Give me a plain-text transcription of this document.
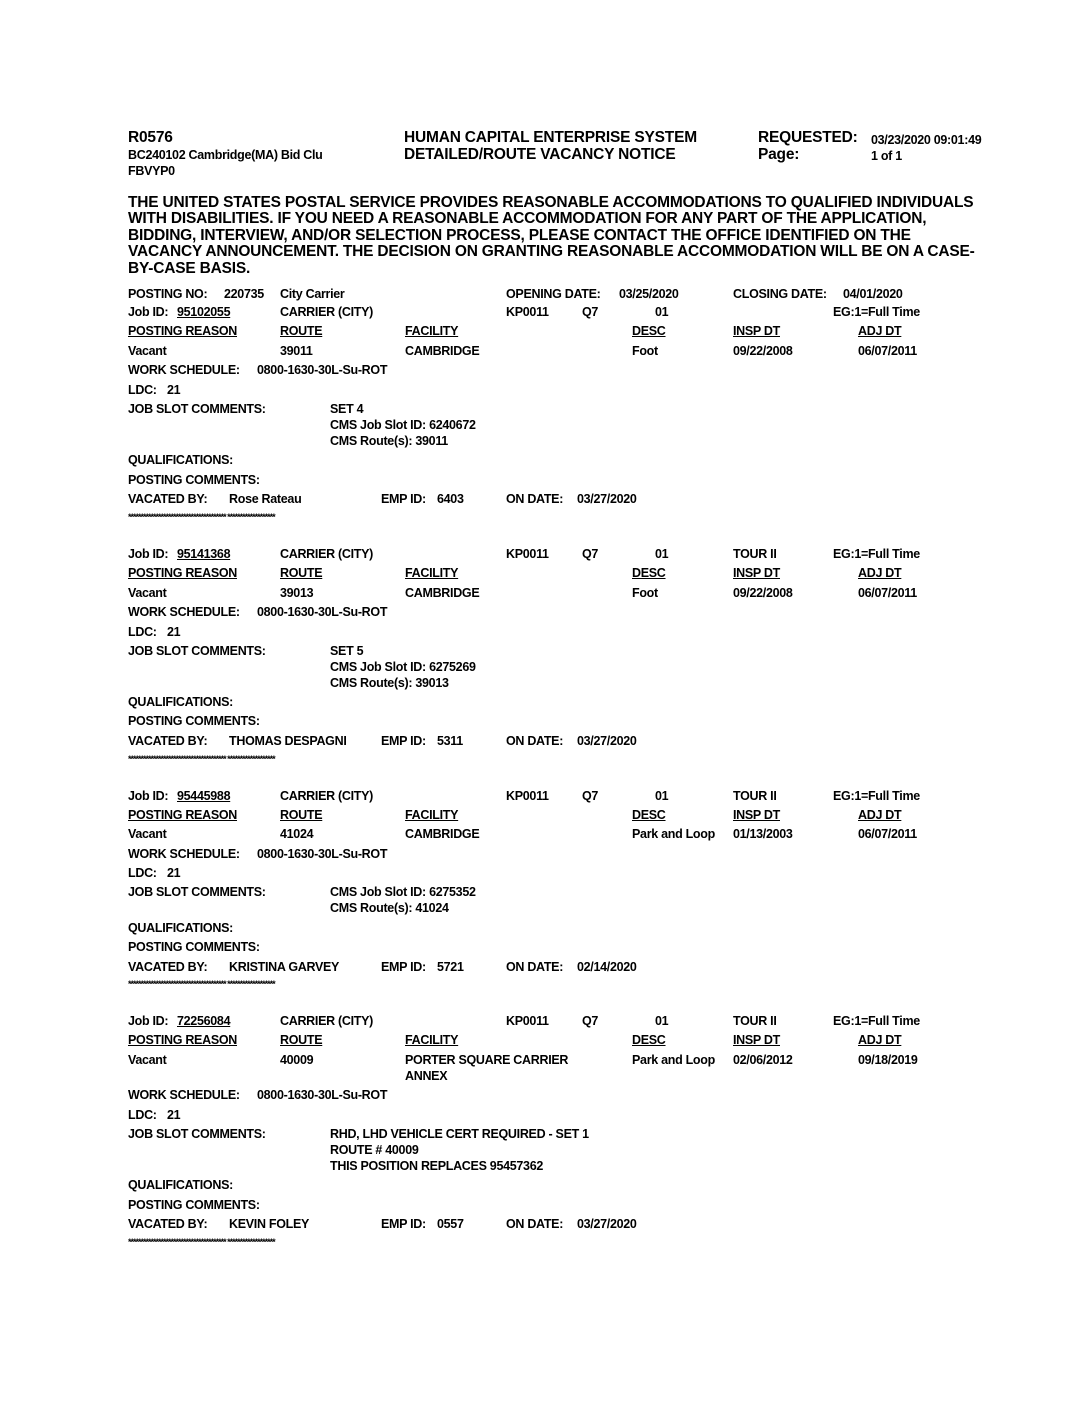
R0576
BC240102 Cambridge(MA) Bid Clu
FBVYP0
HUMAN CAPITAL ENTERPRISE SYSTEM
DETAILED/ROUTE VACANCY NOTICE
REQUESTED: 03/23/2020 09:01:49
Page:	1 of 1
THE UNITED STATES POSTAL SERVICE PROVIDES REASONABLE ACCOMMODATIONS TO QUALIFIED INDIVIDUALS WITH DISABILITIES. IF YOU NEED A REASONABLE ACCOMMODATION FOR ANY PART OF THE APPLICATION, BIDDING, INTERVIEW, AND/OR SELECTION PROCESS, PLEASE CONTACT THE OFFICE IDENTIFIED ON THE VACANCY ANNOUNCEMENT. THE DECISION ON GRANTING REASONABLE ACCOMMODATION WILL BE ON A CASE-BY-CASE BASIS.
POSTING NO: 220735 City Carrier	OPENING DATE: 03/25/2020	CLOSING DATE: 04/01/2020
Job ID: 95102055	CARRIER (CITY)	KP0011	Q7	01	EG:1=Full Time
POSTING REASON	ROUTE	FACILITY	DESC	INSP DT	ADJ DT
Vacant	39011	CAMBRIDGE	Foot	09/22/2008	06/07/2011
WORK SCHEDULE: 0800-1630-30L-Su-ROT
LDC: 21
JOB SLOT COMMENTS:	SET 4
CMS Job Slot ID: 6240672
CMS Route(s): 39011
QUALIFICATIONS:
POSTING COMMENTS:
VACATED BY: Rose Rateau	EMP ID: 6403	ON DATE: 03/27/2020
*************************************** *******************
Job ID: 95141368	CARRIER (CITY)	KP0011	Q7	01	TOUR II	EG:1=Full Time
POSTING REASON	ROUTE	FACILITY	DESC	INSP DT	ADJ DT
Vacant	39013	CAMBRIDGE	Foot	09/22/2008	06/07/2011
WORK SCHEDULE: 0800-1630-30L-Su-ROT
LDC: 21
JOB SLOT COMMENTS:	SET 5
CMS Job Slot ID: 6275269
CMS Route(s): 39013
QUALIFICATIONS:
POSTING COMMENTS:
VACATED BY: THOMAS DESPAGNI	EMP ID: 5311	ON DATE: 03/27/2020
*************************************** *******************
Job ID: 95445988	CARRIER (CITY)	KP0011	Q7	01	TOUR II	EG:1=Full Time
POSTING REASON	ROUTE	FACILITY	DESC	INSP DT	ADJ DT
Vacant	41024	CAMBRIDGE	Park and Loop 01/13/2003	06/07/2011
WORK SCHEDULE: 0800-1630-30L-Su-ROT
LDC: 21
JOB SLOT COMMENTS:	CMS Job Slot ID: 6275352
CMS Route(s): 41024
QUALIFICATIONS:
POSTING COMMENTS:
VACATED BY: KRISTINA GARVEY	EMP ID: 5721	ON DATE: 02/14/2020
*************************************** *******************
Job ID: 72256084	CARRIER (CITY)	KP0011	Q7	01	TOUR II	EG:1=Full Time
POSTING REASON	ROUTE	FACILITY	DESC	INSP DT	ADJ DT
Vacant	40009	PORTER SQUARE CARRIER
ANNEX
Park and Loop 02/06/2012	09/18/2019
WORK SCHEDULE: 0800-1630-30L-Su-ROT
LDC: 21
JOB SLOT COMMENTS:	RHD, LHD VEHICLE CERT REQUIRED - SET 1
ROUTE # 40009
THIS POSITION REPLACES 95457362
QUALIFICATIONS:
POSTING COMMENTS:
VACATED BY: KEVIN FOLEY	EMP ID: 0557	ON DATE: 03/27/2020
*************************************** *******************
